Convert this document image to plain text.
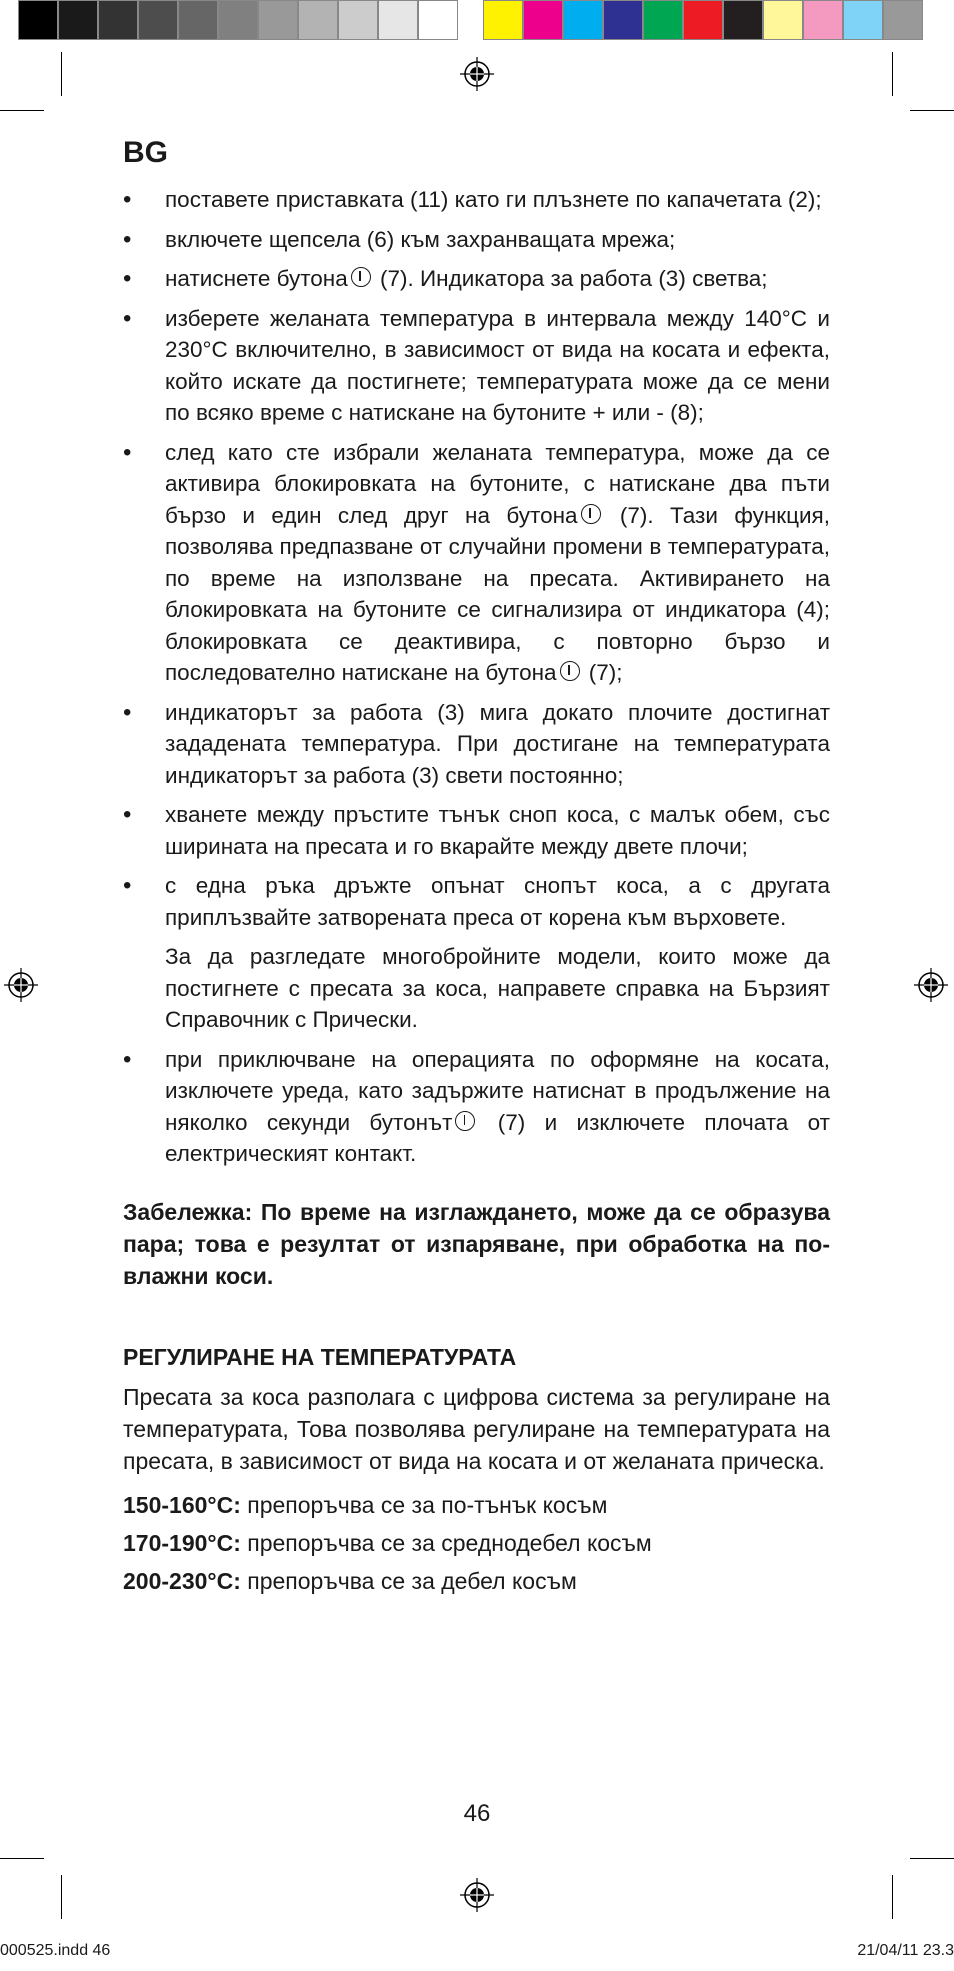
BG
• поставете приставката (11) като ги плъзнете по капачетата (2);
• включете щепсела (6) към захранващата мрежа;
• натиснете бутона (7). Индикатора за работа (3) светва;
• изберете желаната температура в интервала между 140°C и 230°C включително, в зависимост от вида на косата и ефекта, който искате да постигнете; температурата може да се мени по всяко време с натискане на бутоните + или - (8);
• след като сте избрали желаната температура, може да се активира блокировката на бутоните, с натискане два пъти бързо и един след друг на бутона (7). Тази функция, позволява предпазване от случайни промени в температурата, по време на използване на пресата. Активирането на блокировката на бутоните се сигнализира от индикатора (4); блокировката се деактивира, с повторно бързо и последователно натискане на бутона (7);
• индикаторът за работа (3) мига докато плочите достигнат зададената температура. При достигане на температурата индикаторът за работа (3) свети постоянно;
• хванете между пръстите тънък сноп коса, с малък обем, със ширината на пресата и го вкарайте между двете плочи;
• с една ръка дръжте опънат снопът коса, а с другата приплъзвайте затворената преса от корена към върховете.
За да разгледате многобройните модели, които може да постигнете с пресата за коса, направете справка на Бързият Справочник с Прически.
• при приключване на операцията по оформяне на косата, изключете уреда, като задържите натиснат в продължение на няколко секунди бутонът (7) и изключете плочата от електрическият контакт.
Забележка: По време на изглаждането, може да се образува пара; това е резултат от изпаряване, при обработка на по-влажни коси.
РЕГУЛИРАНЕ НА ТЕМПЕРАТУРАТА

Пресата за коса разполага с цифрова система за регулиране на температурата, Това позволява регулиране на температурата на пресата, в зависимост от вида на косата и от желаната прическа.

150-160°C: препоръчва се за по-тънък косъм
170-190°C: препоръчва се за среднодебел косъм
200-230°C: препоръчва се за дебел косъм
46
000525.indd 46	21/04/11 23.3
